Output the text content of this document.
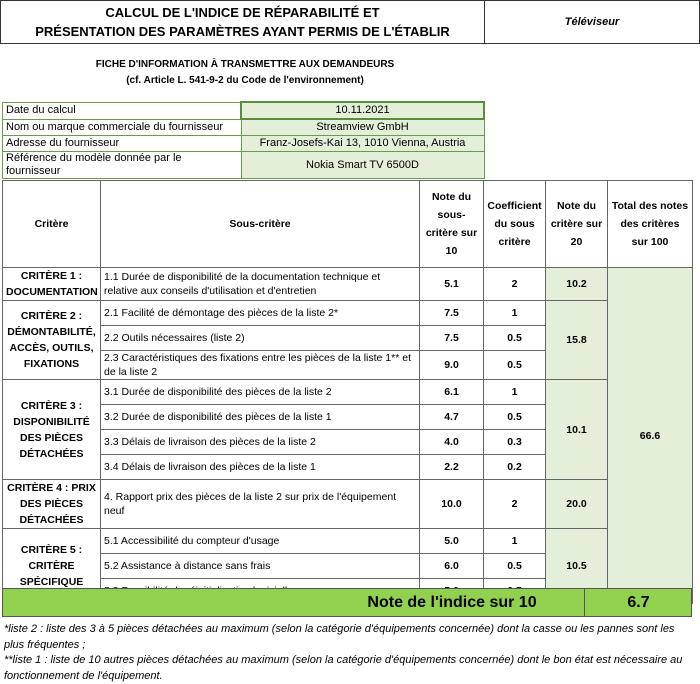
CALCUL DE L'INDICE DE RÉPARABILITÉ ET
PRÉSENTATION DES PARAMÈTRES AYANT PERMIS DE L'ÉTABLIR
Téléviseur
FICHE D'INFORMATION À TRANSMETTRE AUX DEMANDEURS
(cf. Article L. 541-9-2 du Code de l'environnement)
Date du calcul	10.11.2021
Nom ou marque commerciale du fournisseur	Streamview GmbH
Adresse du fournisseur	Franz-Josefs-Kai 13, 1010 Vienna, Austria
Référence du modèle donnée par le fournisseur	Nokia Smart TV 6500D
Critère	Sous-critère	Note du sous-critère sur 10	Coefficient du sous critère	Note du critère sur 20	Total des notes des critères sur 100
CRITÈRE 1 : DOCUMENTATION	1.1 Durée de disponibilité de la documentation technique et relative aux conseils d'utilisation et d'entretien	5.1	2	10.2	66.6
CRITÈRE 2 : DÉMONTABILITÉ, ACCÈS, OUTILS, FIXATIONS	2.1 Facilité de démontage des pièces de la liste 2*	7.5	1	15.8	
	2.2 Outils nécessaires (liste 2)	7.5	0.5		
	2.3 Caractéristiques des fixations entre les pièces de la liste 1** et de la liste 2	9.0	0.5		
CRITÈRE 3 : DISPONIBILITÉ DES PIÈCES DÉTACHÉES	3.1 Durée de disponibilité des pièces de la liste 2	6.1	1	10.1	
	3.2 Durée de disponibilité des pièces de la liste 1	4.7	0.5		
	3.3 Délais de livraison des pièces de la liste 2	4.0	0.3		
	3.4 Délais de livraison des pièces de la liste 1	2.2	0.2		
CRITÈRE 4 : PRIX DES PIÈCES DÉTACHÉES	4. Rapport prix des pièces de la liste 2 sur prix de l'équipement neuf	10.0	2	20.0	
CRITÈRE 5 : CRITÈRE SPÉCIFIQUE	5.1 Accessibilité du compteur d'usage	5.0	1	10.5	
	5.2 Assistance à distance sans frais	6.0	0.5		

Note de l'indice sur 10	6.7
*liste 2 : liste des 3 à 5 pièces détachées au maximum (selon la catégorie d'équipements concernée) dont la casse ou les pannes sont les plus fréquentes ;
**liste 1 : liste de 10 autres pièces détachées au maximum (selon la catégorie d'équipements concernée) dont le bon état est nécessaire au fonctionnement de l'équipement.
